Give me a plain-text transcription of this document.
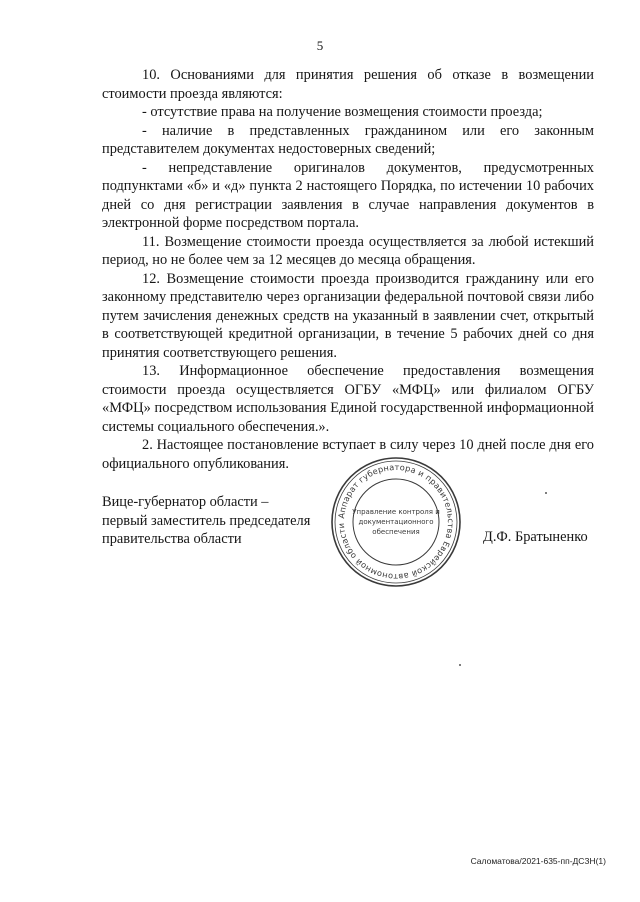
5

10. Основаниями для принятия решения об отказе в возмещении стоимости проезда являются:

- отсутствие права на получение возмещения стоимости проезда;

- наличие в представленных гражданином или его законным представителем документах недостоверных сведений;

- непредставление оригиналов документов, предусмотренных подпунктами «б» и «д» пункта 2 настоящего Порядка, по истечении 10 рабочих дней со дня регистрации заявления в случае направления документов в электронной форме посредством портала.

11. Возмещение стоимости проезда осуществляется за любой истекший период, но не более чем за 12 месяцев до месяца обращения.

12. Возмещение стоимости проезда производится гражданину или его законному представителю через организации федеральной почтовой связи либо путем зачисления денежных средств на указанный в заявлении счет, открытый в соответствующей кредитной организации, в течение 5 рабочих дней со дня принятия соответствующего решения.

13. Информационное обеспечение предоставления возмещения стоимости проезда осуществляется ОГБУ «МФЦ» или филиалом ОГБУ «МФЦ» посредством использования Единой государственной информационной системы социального обеспечения.».

2. Настоящее постановление вступает в силу через 10 дней после дня его официального опубликования.

Вице-губернатор области –
первый заместитель председателя
правительства области	Д.Ф. Братыненко
Аппарат губернатора и правительства Еврейской автономной области
Управление контроля и
документационного
обеспечения
Саломатова/2021-635-пп-ДСЗН(1)
